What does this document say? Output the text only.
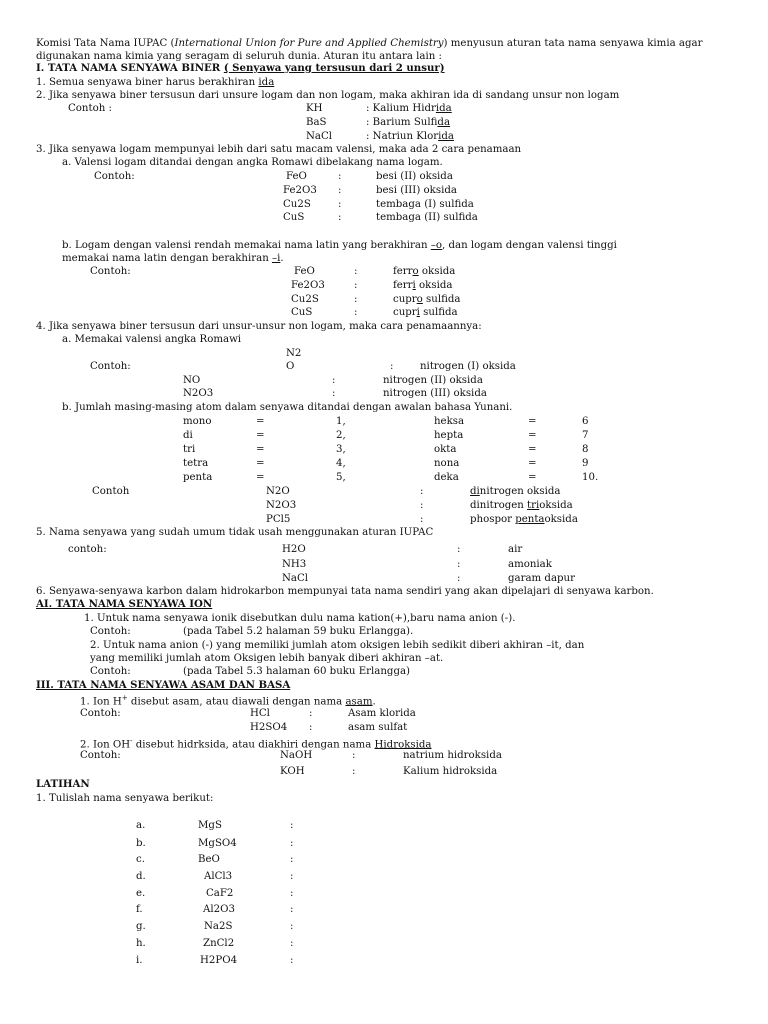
Komisi Tata Nama IUPAC (International Union for Pure and Applied Chemistry) menyusun aturan tata nama senyawa kimia agar
digunakan nama kimia yang seragam di seluruh dunia. Aturan itu antara lain :
I. TATA NAMA SENYAWA BINER ( Senyawa yang tersusun dari 2 unsur)
1. Semua senyawa biner harus berakhiran ida
2. Jika senyawa biner tersusun dari unsure logam dan non logam, maka akhiran ida di sandang unsur non logam
Contoh :	KH	: Kalium Hidrida
BaS	: Barium Sulfida
NaCl	: Natriun Klorida
3. Jika senyawa logam mempunyai lebih dari satu macam valensi, maka ada 2 cara penamaan
a. Valensi logam ditandai dengan angka Romawi dibelakang nama logam.
Contoh:	FeO	:	besi (II) oksida
Fe2O3 :	besi (III) oksida
Cu2S	:	tembaga (I) sulfida
CuS	:	tembaga (II) sulfida
b. Logam dengan valensi rendah memakai nama latin yang berakhiran –o, dan logam dengan valensi tinggi
memakai nama latin dengan berakhiran –i.
Contoh:	FeO	:	ferro oksida
Fe2O3	:	ferri oksida
Cu2S	:	cupro sulfida
CuS	:	cupri sulfida
4. Jika senyawa biner tersusun dari unsur-unsur non logam, maka cara penamaannya:
a. Memakai valensi angka Romawi
N2
Contoh:	O	:	nitrogen (I) oksida
NO	:	nitrogen (II) oksida
N2O3	:	nitrogen (III) oksida
b. Jumlah masing-masing atom dalam senyawa ditandai dengan awalan bahasa Yunani.
mono	=	1,	heksa	=	6
di	=	2,	hepta	=	7
tri	=	3,	okta	=	8
tetra	=	4,	nona	=	9
penta	=	5,	deka	=	10.
Contoh	N2O	:	dinitrogen oksida
N2O3	:	dinitrogen trioksida
PCl5	:	phospor pentaoksida
5. Nama senyawa yang sudah umum tidak usah menggunakan aturan IUPAC
contoh:	H2O	:	air
NH3	:	amoniak
NaCl	:	garam dapur
6. Senyawa-senyawa karbon dalam hidrokarbon mempunyai tata nama sendiri yang akan dipelajari di senyawa karbon.
AI. TATA NAMA SENYAWA ION
1. Untuk nama senyawa ionik disebutkan dulu nama kation(+),baru nama anion (-).
Contoh:	(pada Tabel 5.2 halaman 59 buku Erlangga).
2. Untuk nama anion (-) yang memiliki jumlah atom oksigen lebih sedikit diberi akhiran –it, dan
yang memiliki jumlah atom Oksigen lebih banyak diberi akhiran –at.
Contoh:	(pada Tabel 5.3 halaman 60 buku Erlangga)
III. TATA NAMA SENYAWA ASAM DAN BASA
1. Ion H+ disebut asam, atau diawali dengan nama asam.
Contoh:	HCl	:	Asam klorida
H2SO4 :	asam sulfat
2. Ion OH- disebut hidrksida, atau diakhiri dengan nama Hidroksida
Contoh:	NaOH	:	natrium hidroksida
KOH	:	Kalium hidroksida
LATIHAN
1. Tulislah nama senyawa berikut:
a.	MgS	:
b.	MgSO4	:
c.	BeO	:
d.	AlCl3	:
e.	CaF2	:
f.	Al2O3	:
g.	Na2S	:
h.	ZnCl2	:
i.	H2PO4	:
